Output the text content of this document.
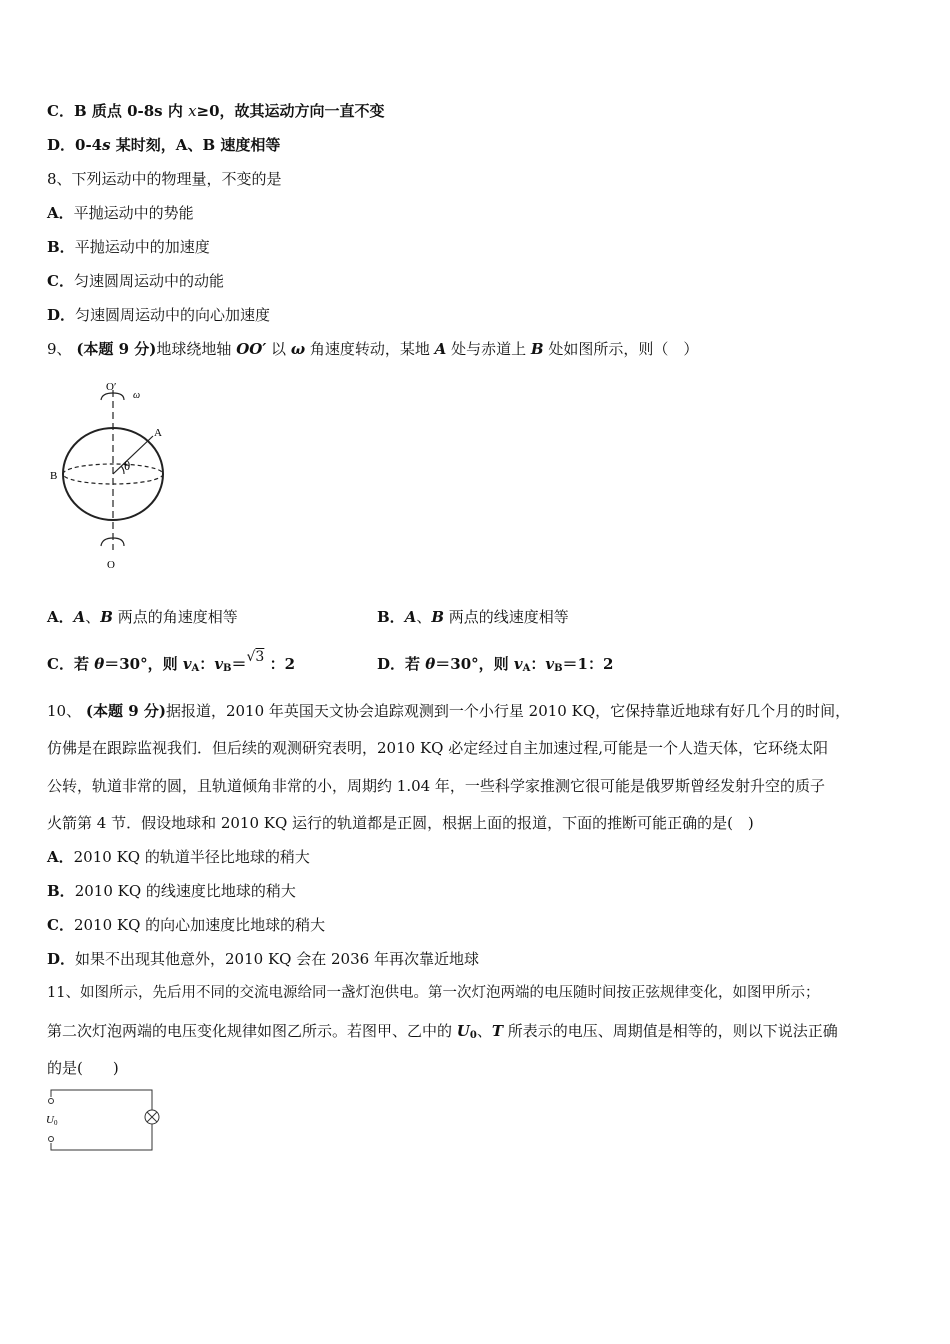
C．B 质点 0-8s 内 x≥0，故其运动方向一直不变
D．0-4s 某时刻，A、B 速度相等
8、下列运动中的物理量，不变的是
A．平抛运动中的势能
B．平抛运动中的加速度
C．匀速圆周运动中的动能
D．匀速圆周运动中的向心加速度
9、 (本题 9 分)地球绕地轴 OO′ 以 ω 角速度转动，某地 A 处与赤道上 B 处如图所示，则（　）
O′
ω
A
B
θ
O
A．A、B 两点的角速度相等	B．A、B 两点的线速度相等
C．若 θ＝30°，则 $v_A$：$v_B=√3$ ：2	D．若 θ＝30°，则 $v_A$：$v_B=1$：2
10、 (本题 9 分)据报道，2010 年英国天文协会追踪观测到一个小行星 2010 KQ，它保持靠近地球有好几个月的时间，
仿佛是在跟踪监视我们．但后续的观测研究表明，2010 KQ 必定经过自主加速过程,可能是一个人造天体，它环绕太阳
公转，轨道非常的圆，且轨道倾角非常的小，周期约 1.04 年，一些科学家推测它很可能是俄罗斯曾经发射升空的质子
火箭第 4 节．假设地球和 2010 KQ 运行的轨道都是正圆，根据上面的报道，下面的推断可能正确的是(　)
A．2010 KQ 的轨道半径比地球的稍大
B．2010 KQ 的线速度比地球的稍大
C．2010 KQ 的向心加速度比地球的稍大
D．如果不出现其他意外，2010 KQ 会在 2036 年再次靠近地球
11、如图所示，先后用不同的交流电源给同一盏灯泡供电。第一次灯泡两端的电压随时间按正弦规律变化，如图甲所示；
第二次灯泡两端的电压变化规律如图乙所示。若图甲、乙中的 $U_0$、T 所表示的电压、周期值是相等的，则以下说法正确
的是(　　)
U0
